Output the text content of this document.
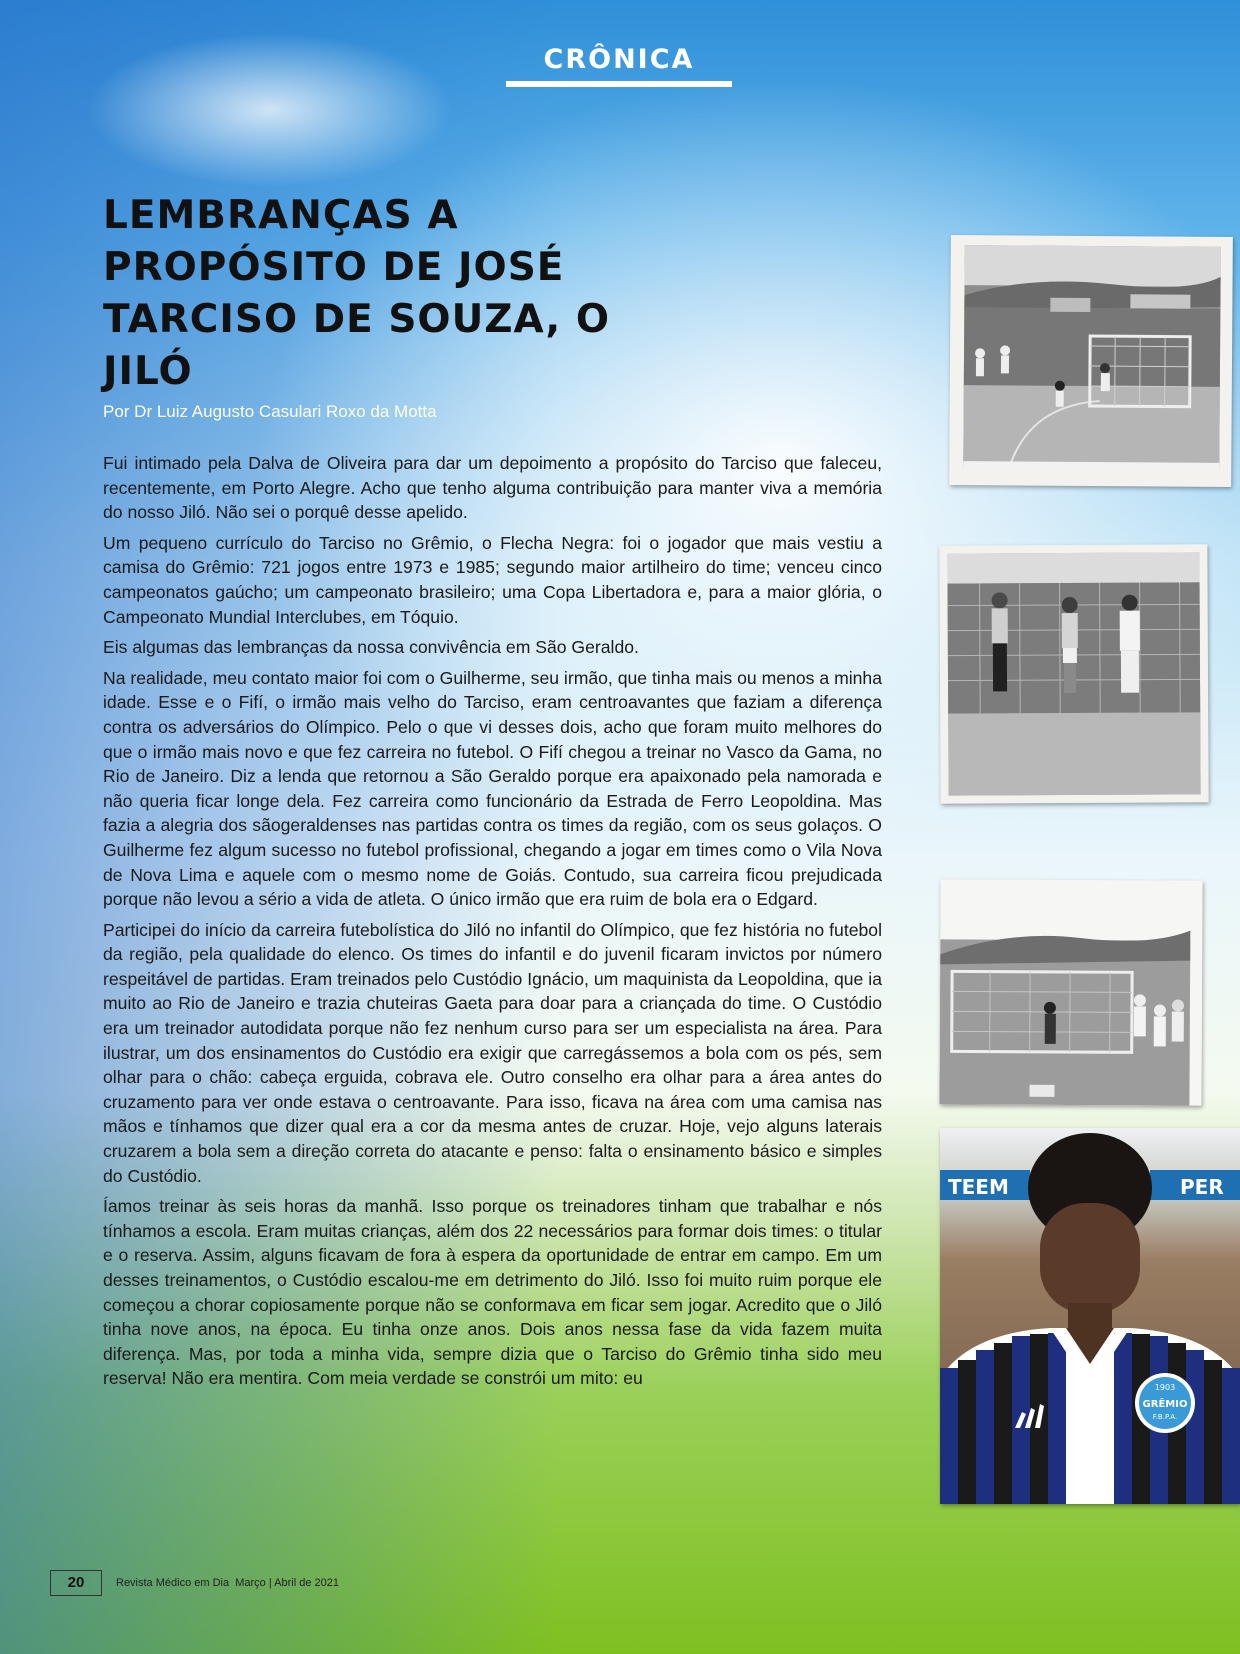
CRÔNICA
LEMBRANÇAS A PROPÓSITO DE JOSÉ TARCISO DE SOUZA, O JILÓ
Por Dr Luiz Augusto Casulari Roxo da Motta

Fui intimado pela Dalva de Oliveira para dar um depoimento a propósito do Tarciso que faleceu, recentemente, em Porto Alegre. Acho que tenho alguma contribuição para manter viva a memória do nosso Jiló. Não sei o porquê desse apelido.

Um pequeno currículo do Tarciso no Grêmio, o Flecha Negra: foi o jogador que mais vestiu a camisa do Grêmio: 721 jogos entre 1973 e 1985; segundo maior artilheiro do time; venceu cinco campeonatos gaúcho; um campeonato brasileiro; uma Copa Libertadora e, para a maior glória, o Campeonato Mundial Interclubes, em Tóquio.

Eis algumas das lembranças da nossa convivência em São Geraldo.

Na realidade, meu contato maior foi com o Guilherme, seu irmão, que tinha mais ou menos a minha idade. Esse e o Fifí, o irmão mais velho do Tarciso, eram centroavantes que faziam a diferença contra os adversários do Olímpico. Pelo o que vi desses dois, acho que foram muito melhores do que o irmão mais novo e que fez carreira no futebol. O Fifí chegou a treinar no Vasco da Gama, no Rio de Janeiro. Diz a lenda que retornou a São Geraldo porque era apaixonado pela namorada e não queria ficar longe dela. Fez carreira como funcionário da Estrada de Ferro Leopoldina. Mas fazia a alegria dos sãogeraldenses nas partidas contra os times da região, com os seus golaços. O Guilherme fez algum sucesso no futebol profissional, chegando a jogar em times como o Vila Nova de Nova Lima e aquele com o mesmo nome de Goiás. Contudo, sua carreira ficou prejudicada porque não levou a sério a vida de atleta. O único irmão que era ruim de bola era o Edgard.

Participei do início da carreira futebolística do Jiló no infantil do Olímpico, que fez história no futebol da região, pela qualidade do elenco. Os times do infantil e do juvenil ficaram invictos por número respeitável de partidas. Eram treinados pelo Custódio Ignácio, um maquinista da Leopoldina, que ia muito ao Rio de Janeiro e trazia chuteiras Gaeta para doar para a criançada do time. O Custódio era um treinador autodidata porque não fez nenhum curso para ser um especialista na área. Para ilustrar, um dos ensinamentos do Custódio era exigir que carregássemos a bola com os pés, sem olhar para o chão: cabeça erguida, cobrava ele. Outro conselho era olhar para a área antes do cruzamento para ver onde estava o centroavante. Para isso, ficava na área com uma camisa nas mãos e tínhamos que dizer qual era a cor da mesma antes de cruzar. Hoje, vejo alguns laterais cruzarem a bola sem a direção correta do atacante e penso: falta o ensinamento básico e simples do Custódio.

Íamos treinar às seis horas da manhã. Isso porque os treinadores tinham que trabalhar e nós tínhamos a escola. Eram muitas crianças, além dos 22 necessários para formar dois times: o titular e o reserva. Assim, alguns ficavam de fora à espera da oportunidade de entrar em campo. Em um desses treinamentos, o Custódio escalou-me em detrimento do Jiló. Isso foi muito ruim porque ele começou a chorar copiosamente porque não se conformava em ficar sem jogar. Acredito que o Jiló tinha nove anos, na época. Eu tinha onze anos. Dois anos nessa fase da vida fazem muita diferença. Mas, por toda a minha vida, sempre dizia que o Tarciso do Grêmio tinha sido meu reserva! Não era mentira. Com meia verdade se constrói um mito: eu

TEEM	PER
1903
GRÊMIO
F.B.P.A.
20	Revista Médico em Dia Março | Abril de 2021
